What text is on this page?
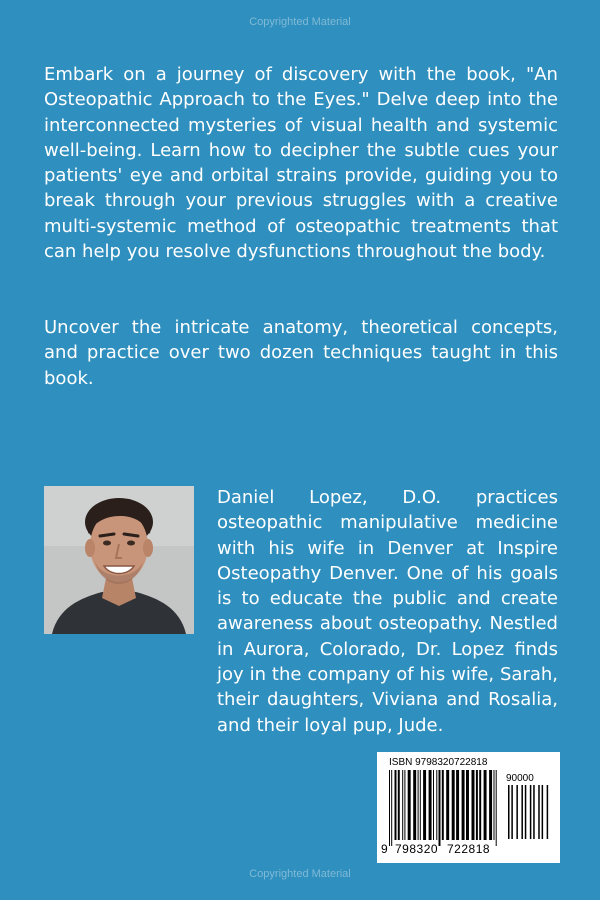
Copyrighted Material

Embark on a journey of discovery with the book, "An Osteopathic Approach to the Eyes." Delve deep into the interconnected mysteries of visual health and systemic well-being. Learn how to decipher the subtle cues your patients' eye and orbital strains provide, guiding you to break through your previous struggles with a creative multi-systemic method of osteopathic treatments that can help you resolve dysfunctions throughout the body.

Uncover the intricate anatomy, theoretical concepts, and practice over two dozen techniques taught in this book.

Daniel Lopez, D.O. practices osteopathic manipulative medicine with his wife in Denver at Inspire Osteopathy Denver. One of his goals is to educate the public and create awareness about osteopathy. Nestled in Aurora, Colorado, Dr. Lopez finds joy in the company of his wife, Sarah, their daughters, Viviana and Rosalia, and their loyal pup, Jude.

ISBN 9798320722818
90000
9 798320 722818
Copyrighted Material
